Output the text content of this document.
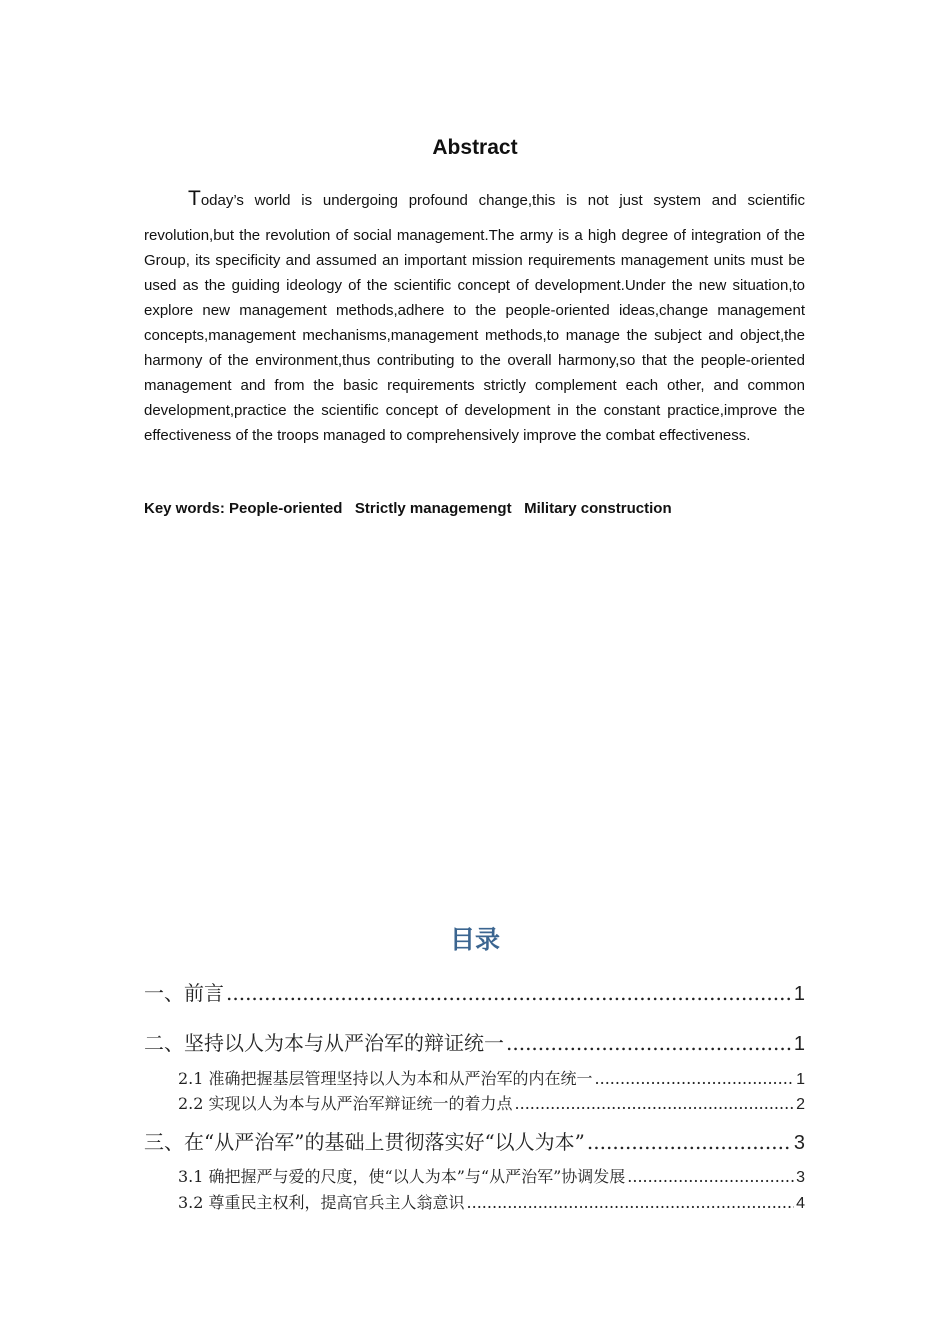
Abstract
Today’s world is undergoing profound change,this is not just system and scientific
revolution,but the revolution of social management.The army is a high degree of integration of the Group, its specificity and assumed an important mission requirements management units must be used as the guiding ideology of the scientific concept of development.Under the new situation,to explore new management methods,adhere to the people-oriented ideas,change management concepts,management mechanisms,management methods,to manage the subject and object,the harmony of the environment,thus contributing to the overall harmony,so that the people-oriented management and from the basic requirements strictly complement each other, and common development,practice the scientific concept of development in the constant practice,improve the effectiveness of the troops managed to comprehensively improve the combat effectiveness.

Key words: People-oriented   Strictly managemengt   Military construction

目录
一、前言 .....	1
二、坚持以人为本与从严治军的辩证统一 .....	1
2.1 准确把握基层管理坚持以人为本和从严治军的内在统一 .....	1
2.2 实现以人为本与从严治军辩证统一的着力点 .....	2
三、在“从严治军”的基础上贯彻落实好“以人为本” .....	3
3.1 确把握严与爱的尺度，使“以人为本”与“从严治军”协调发展 .....	3
3.2 尊重民主权利，提高官兵主人翁意识 .....	4
